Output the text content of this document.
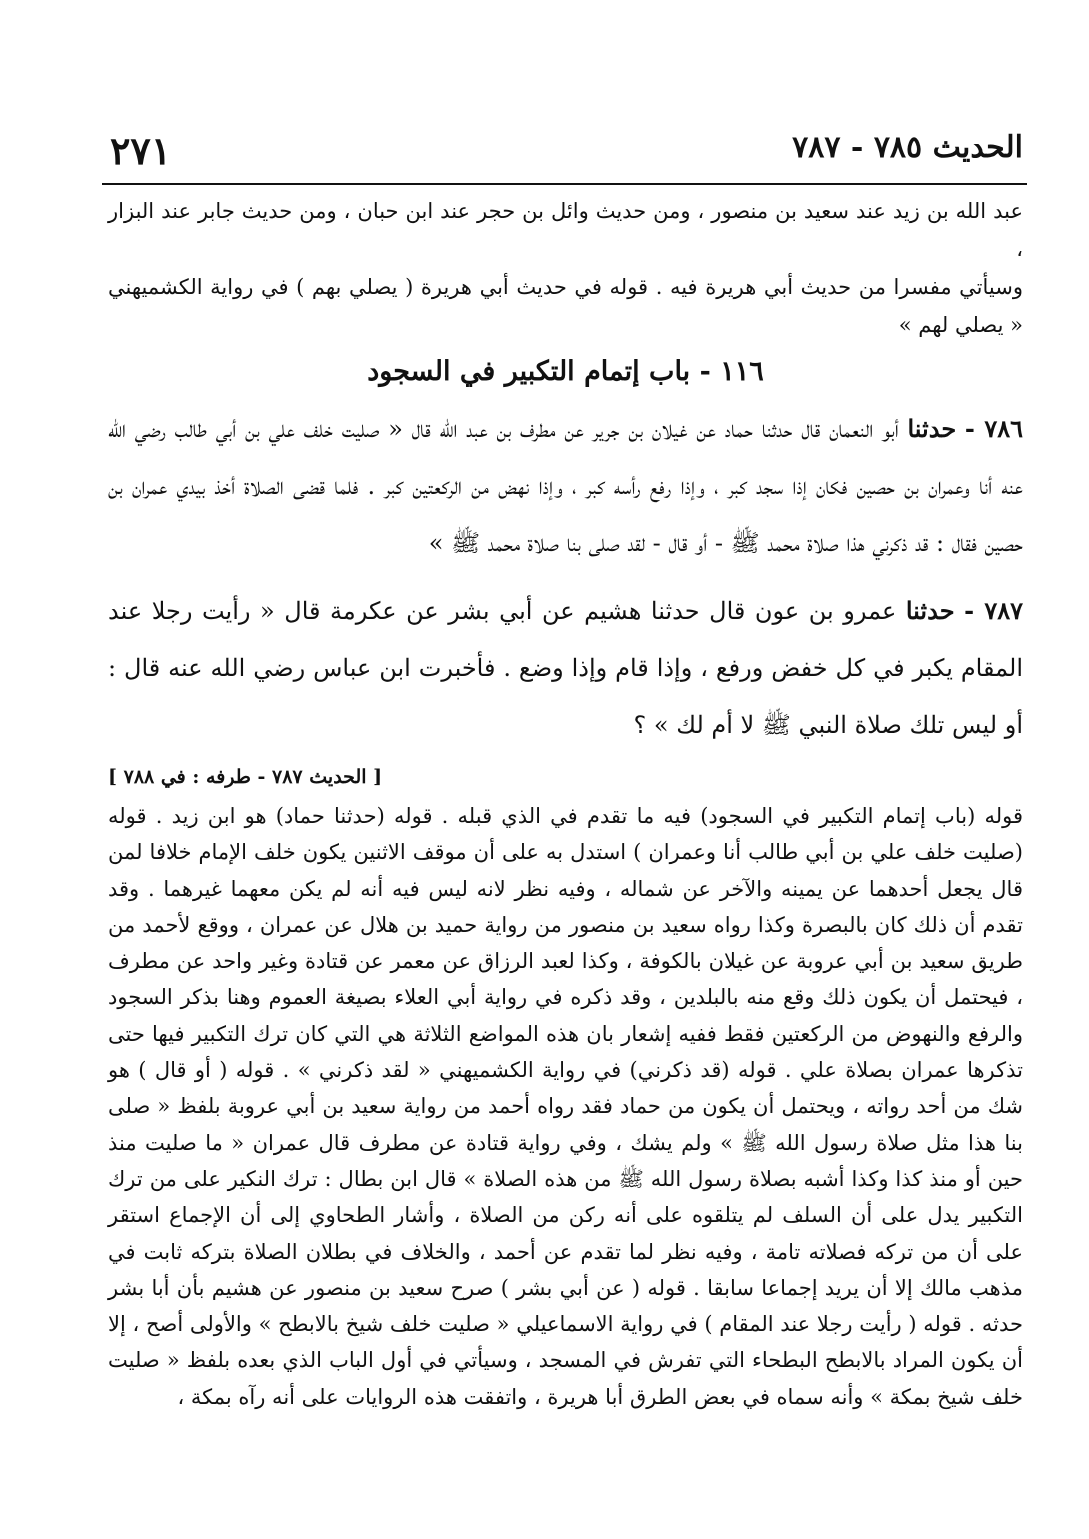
الحديث ٧٨٥ - ٧٨٧
٢٧١

عبد الله بن زيد عند سعيد بن منصور ، ومن حديث وائل بن حجر عند ابن حبان ، ومن حديث جابر عند البزار ،

وسيأتي مفسرا من حديث أبي هريرة فيه . قوله في حديث أبي هريرة ( يصلي بهم ) في رواية الكشميهني « يصلي لهم »

١١٦ - باب إتمام التكبير في السجود

٧٨٦ - حدثنا أبو النعمان قال حدثنا حماد عن غيلان بن جرير عن مطرف بن عبد الله قال « صليت خلف علي بن أبي طالب رضي الله عنه أنا وعمران بن حصين فكان إذا سجد كبر ، وإذا رفع رأسه كبر ، وإذا نهض من الركعتين كبر . فلما قضى الصلاة أخذ بيدي عمران بن حصين فقال : قد ذكرني هذا صلاة محمد ﷺ - أو قال - لقد صلى بنا صلاة محمد ﷺ »

٧٨٧ - حدثنا عمرو بن عون قال حدثنا هشيم عن أبي بشر عن عكرمة قال « رأيت رجلا عند المقام يكبر في كل خفض ورفع ، وإذا قام وإذا وضع . فأخبرت ابن عباس رضي الله عنه قال : أو ليس تلك صلاة النبي ﷺ لا أم لك » ؟

[ الحديث ٧٨٧ - طرفه : في ٧٨٨ ]

قوله (باب إتمام التكبير في السجود) فيه ما تقدم في الذي قبله . قوله (حدثنا حماد) هو ابن زيد . قوله (صليت خلف علي بن أبي طالب أنا وعمران ) استدل به على أن موقف الاثنين يكون خلف الإمام خلافا لمن قال يجعل أحدهما عن يمينه والآخر عن شماله ، وفيه نظر لانه ليس فيه أنه لم يكن معهما غيرهما . وقد تقدم أن ذلك كان بالبصرة وكذا رواه سعيد بن منصور من رواية حميد بن هلال عن عمران ، ووقع لأحمد من طريق سعيد بن أبي عروبة عن غيلان بالكوفة ، وكذا لعبد الرزاق عن معمر عن قتادة وغير واحد عن مطرف ، فيحتمل أن يكون ذلك وقع منه بالبلدين ، وقد ذكره في رواية أبي العلاء بصيغة العموم وهنا بذكر السجود والرفع والنهوض من الركعتين فقط ففيه إشعار بان هذه المواضع الثلاثة هي التي كان ترك التكبير فيها حتى تذكرها عمران بصلاة علي . قوله (قد ذكرني) في رواية الكشميهني « لقد ذكرني » . قوله ( أو قال ) هو شك من أحد رواته ، ويحتمل أن يكون من حماد فقد رواه أحمد من رواية سعيد بن أبي عروبة بلفظ « صلى بنا هذا مثل صلاة رسول الله ﷺ » ولم يشك ، وفي رواية قتادة عن مطرف قال عمران « ما صليت منذ حين أو منذ كذا وكذا أشبه بصلاة رسول الله ﷺ من هذه الصلاة » قال ابن بطال : ترك النكير على من ترك التكبير يدل على أن السلف لم يتلقوه على أنه ركن من الصلاة ، وأشار الطحاوي إلى أن الإجماع استقر على أن من تركه فصلاته تامة ، وفيه نظر لما تقدم عن أحمد ، والخلاف في بطلان الصلاة بتركه ثابت في مذهب مالك إلا أن يريد إجماعا سابقا . قوله ( عن أبي بشر ) صرح سعيد بن منصور عن هشيم بأن أبا بشر حدثه . قوله ( رأيت رجلا عند المقام ) في رواية الاسماعيلي « صليت خلف شيخ بالابطح » والأولى أصح ، إلا أن يكون المراد بالابطح البطحاء التي تفرش في المسجد ، وسيأتي في أول الباب الذي بعده بلفظ « صليت خلف شيخ بمكة » وأنه سماه في بعض الطرق أبا هريرة ، واتفقت هذه الروايات على أنه رآه بمكة ،
